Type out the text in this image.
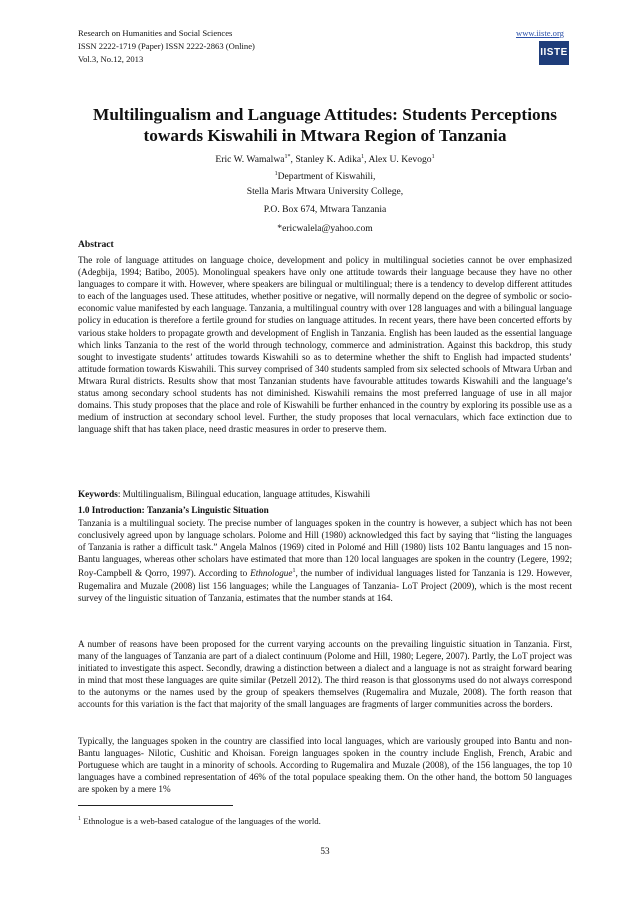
Research on Humanities and Social Sciences
ISSN 2222-1719 (Paper) ISSN 2222-2863 (Online)
Vol.3, No.12, 2013
www.iiste.org
IISTE
Multilingualism and Language Attitudes: Students Perceptions towards Kiswahili in Mtwara Region of Tanzania
Eric W. Wamalwa$^{1*}$, Stanley K. Adika$^1$, Alex U. Kevogo$^1$
$^1$Department of Kiswahili,
Stella Maris Mtwara University College,
P.O. Box 674, Mtwara Tanzania
*ericwalela@yahoo.com
Abstract
The role of language attitudes on language choice, development and policy in multilingual societies cannot be over emphasized (Adegbija, 1994; Batibo, 2005). Monolingual speakers have only one attitude towards their language because they have no other languages to compare it with. However, where speakers are bilingual or multilingual; there is a tendency to develop different attitudes to each of the languages used. These attitudes, whether positive or negative, will normally depend on the degree of symbolic or socio-economic value manifested by each language. Tanzania, a multilingual country with over 128 languages and with a bilingual language policy in education is therefore a fertile ground for studies on language attitudes. In recent years, there have been concerted efforts by various stake holders to propagate growth and development of English in Tanzania. English has been lauded as the essential language which links Tanzania to the rest of the world through technology, commerce and administration. Against this backdrop, this study sought to investigate students’ attitudes towards Kiswahili so as to determine whether the shift to English had impacted students’ attitude formation towards Kiswahili. This survey comprised of 340 students sampled from six selected schools of Mtwara Urban and Mtwara Rural districts. Results show that most Tanzanian students have favourable attitudes towards Kiswahili and the language’s status among secondary school students has not diminished. Kiswahili remains the most preferred language of use in all major domains. This study proposes that the place and role of Kiswahili be further enhanced in the country by exploring its possible use as a medium of instruction at secondary school level. Further, the study proposes that local vernaculars, which face extinction due to language shift that has taken place, need drastic measures in order to preserve them.
Keywords: Multilingualism, Bilingual education, language attitudes, Kiswahili
1.0 Introduction: Tanzania’s Linguistic Situation
Tanzania is a multilingual society. The precise number of languages spoken in the country is however, a subject which has not been conclusively agreed upon by language scholars. Polome and Hill (1980) acknowledged this fact by saying that “listing the languages of Tanzania is rather a difficult task.” Angela Malnos (1969) cited in Polomé and Hill (1980) lists 102 Bantu languages and 15 non-Bantu languages, whereas other scholars have estimated that more than 120 local languages are spoken in the country (Legere, 1992; Roy-Campbell & Qorro, 1997). According to Ethnologue$^1$, the number of individual languages listed for Tanzania is 129. However, Rugemalira and Muzale (2008) list 156 languages; while the Languages of Tanzania- LoT Project (2009), which is the most recent survey of the linguistic situation of Tanzania, estimates that the number stands at 164.
A number of reasons have been proposed for the current varying accounts on the prevailing linguistic situation in Tanzania. First, many of the languages of Tanzania are part of a dialect continuum (Polome and Hill, 1980; Legere, 2007). Partly, the LoT project was initiated to investigate this aspect. Secondly, drawing a distinction between a dialect and a language is not as straight forward bearing in mind that most these languages are quite similar (Petzell 2012). The third reason is that glossonyms used do not always correspond to the autonyms or the names used by the group of speakers themselves (Rugemalira and Muzale, 2008). The forth reason that accounts for this variation is the fact that majority of the small languages are fragments of larger communities across the borders.
Typically, the languages spoken in the country are classified into local languages, which are variously grouped into Bantu and non-Bantu languages- Nilotic, Cushitic and Khoisan. Foreign languages spoken in the country include English, French, Arabic and Portuguese which are taught in a minority of schools. According to Rugemalira and Muzale (2008), of the 156 languages, the top 10 languages have a combined representation of 46% of the total populace speaking them. On the other hand, the bottom 50 languages are spoken by a mere 1%
$^1$ Ethnologue is a web-based catalogue of the languages of the world.
53
